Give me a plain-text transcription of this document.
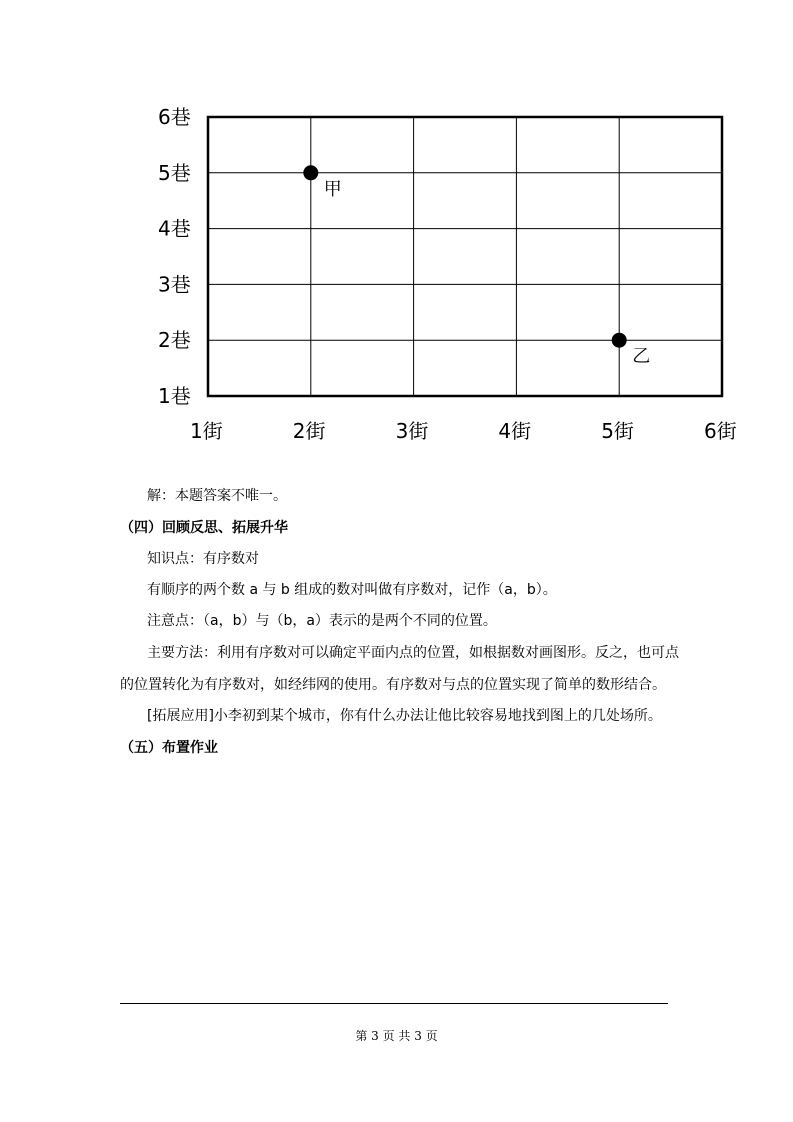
1街	2街	3街	4街	5街	6街
1巷
2巷
3巷
4巷
5巷
6巷
甲
乙
解：本题答案不唯一。
（四）回顾反思、拓展升华
知识点：有序数对
有顺序的两个数 a 与 b 组成的数对叫做有序数对，记作（a，b）。
注意点：（a，b）与（b，a）表示的是两个不同的位置。
主要方法：利用有序数对可以确定平面内点的位置，如根据数对画图形。反之，也可点
的位置转化为有序数对，如经纬网的使用。有序数对与点的位置实现了简单的数形结合。
[拓展应用]小李初到某个城市，你有什么办法让他比较容易地找到图上的几处场所。
（五）布置作业
第 3 页 共 3 页
